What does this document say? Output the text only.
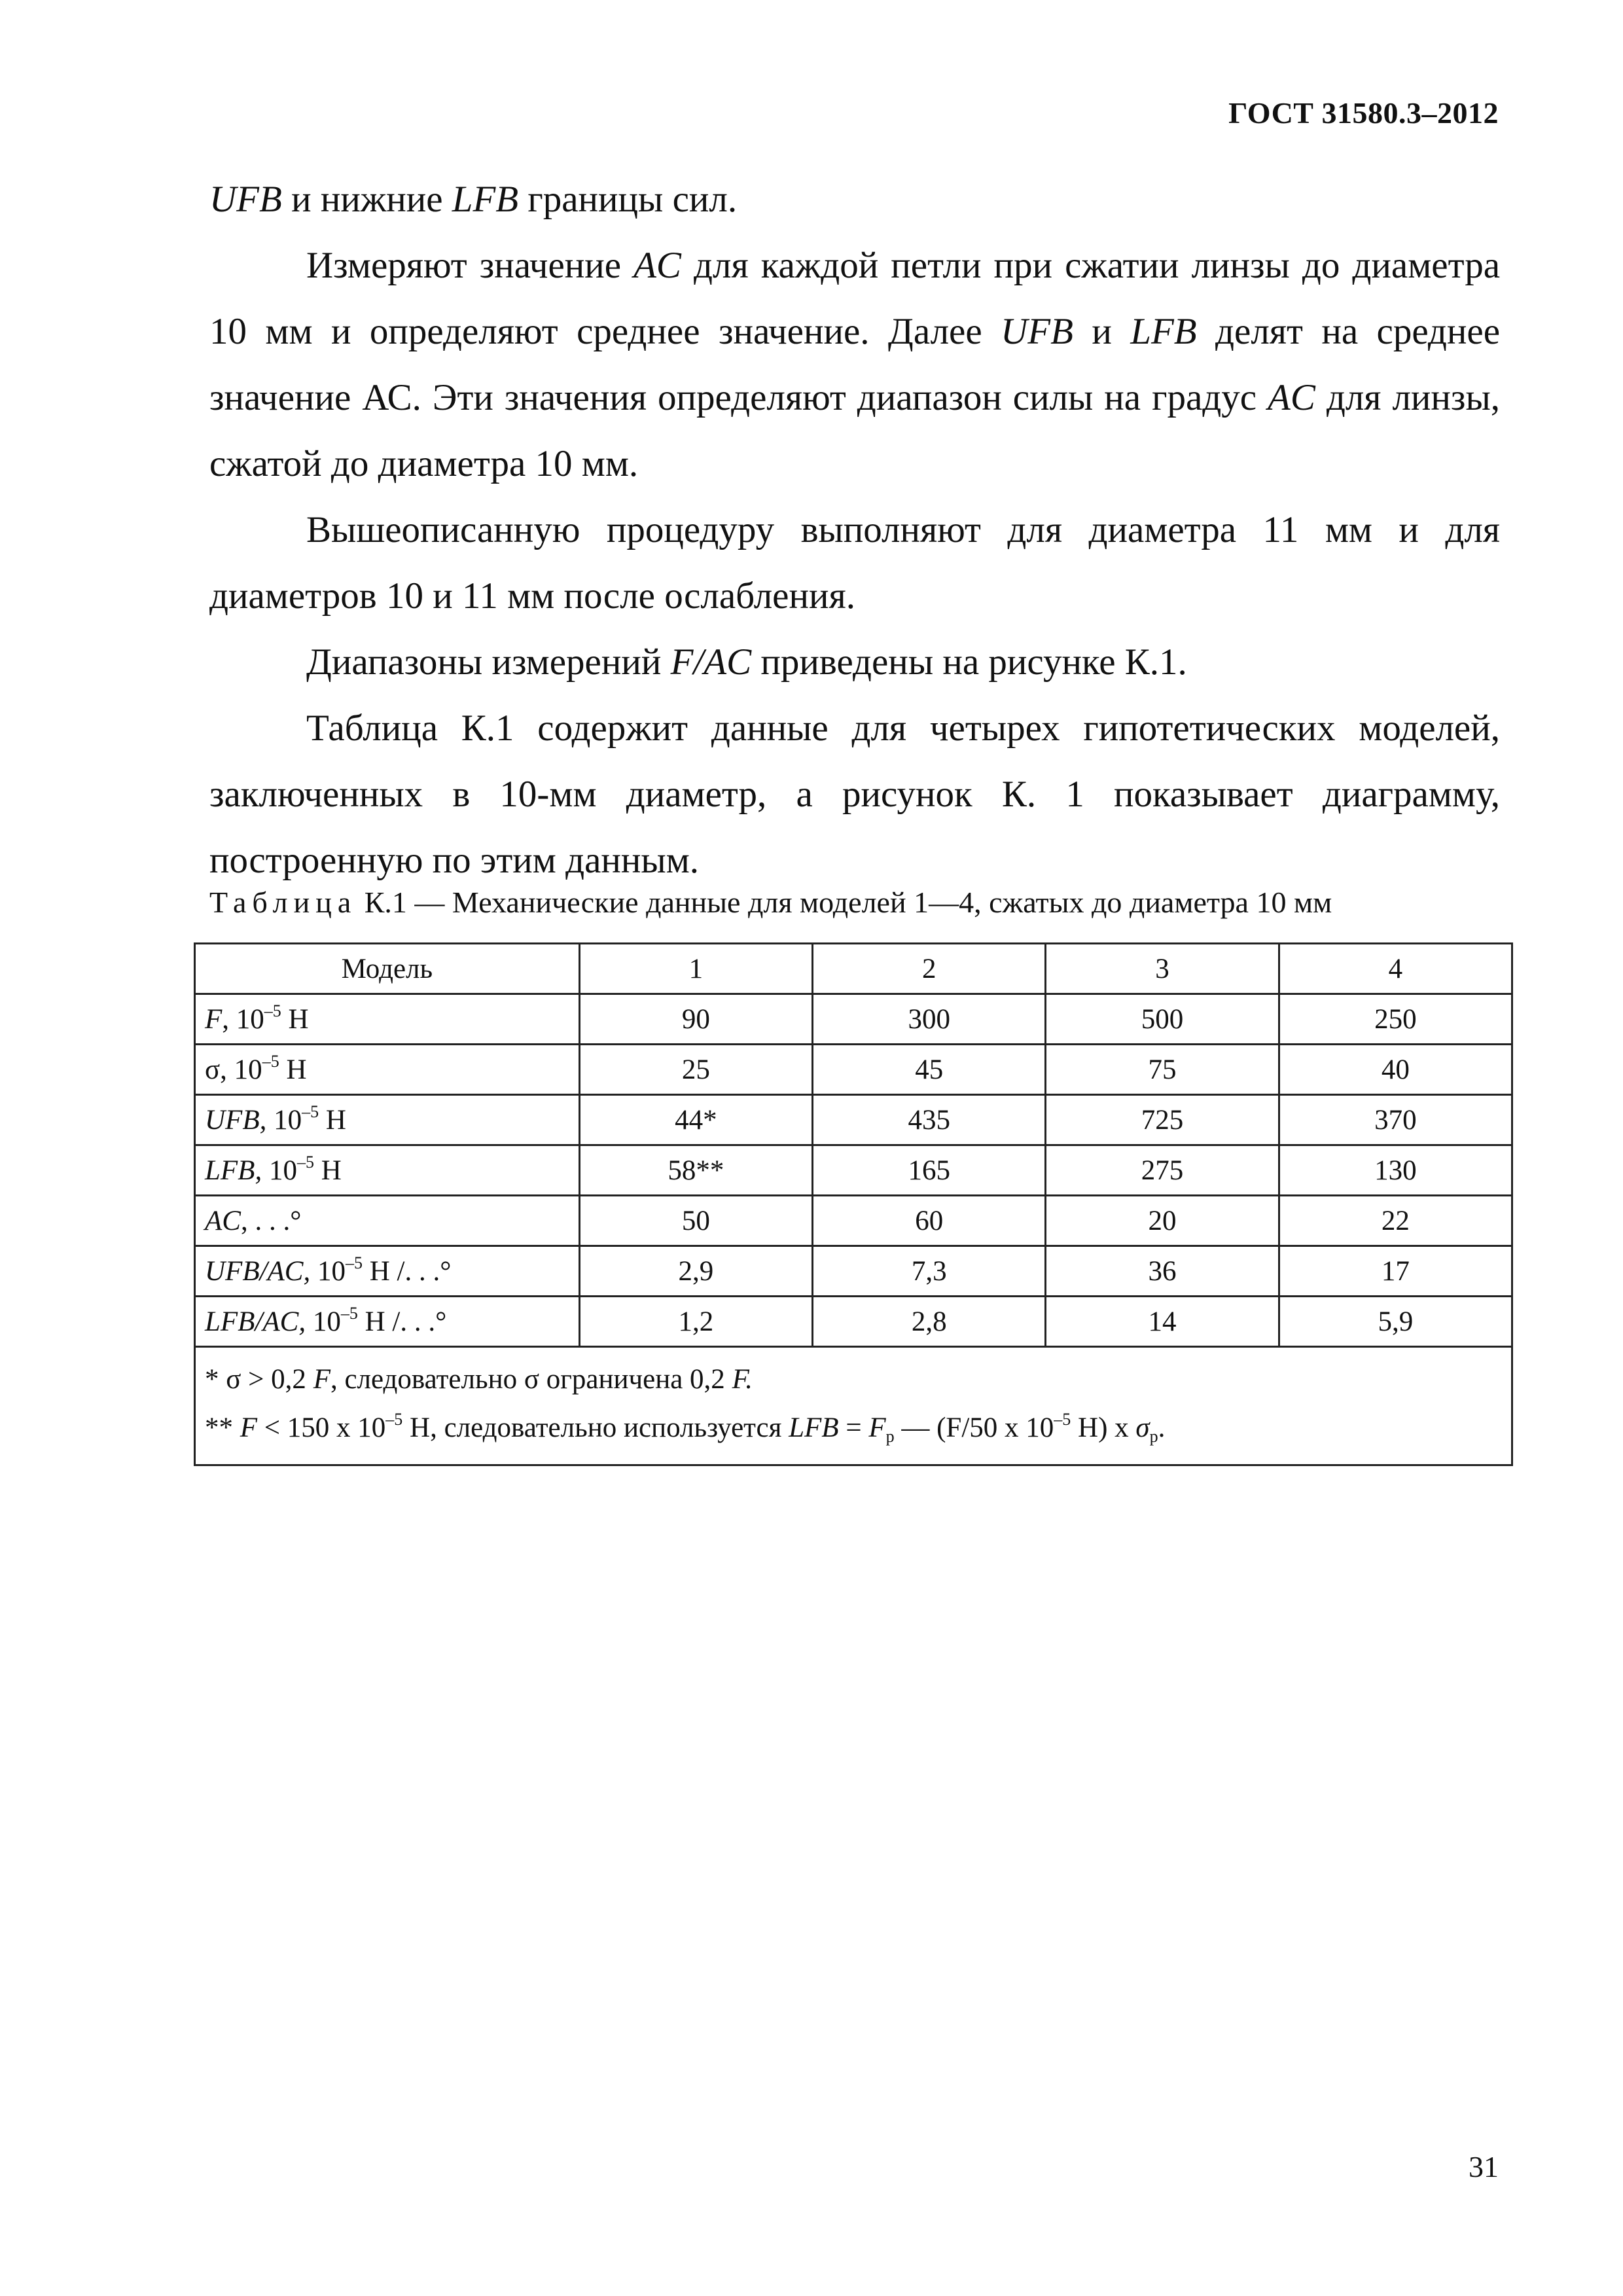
ГОСТ 31580.3–2012

UFB и нижние LFB границы сил.

Измеряют значение AC для каждой петли при сжатии линзы до диаметра 10 мм и определяют среднее значение. Далее UFB и LFB делят на среднее значение АС. Эти значения определяют диапазон силы на градус AC для линзы, сжатой до диаметра 10 мм.

Вышеописанную процедуру выполняют для диаметра 11 мм и для диаметров 10 и 11 мм после ослабления.

Диапазоны измерений F/AC приведены на рисунке К.1.

Таблица К.1 содержит данные для четырех гипотетических моделей, заключенных в 10-мм диаметр, а рисунок К. 1 показывает диаграмму, построенную по этим данным.

Таблица К.1 — Механические данные для моделей 1—4, сжатых до диаметра 10 мм
Модель	1	2	3	4
F, $10^{-5}$ Н	90	300	500	250
σ, $10^{-5}$ Н	25	45	75	40
UFB, $10^{-5}$ Н	44*	435	725	370
LFB, $10^{-5}$ Н	58**	165	275	130
AC, . . .°	50	60	20	22
UFB/AC, $10^{-5}$ Н /. . .°	2,9	7,3	36	17
LFB/AC, $10^{-5}$ Н /. . .°	1,2	2,8	14	5,9

* σ > 0,2 F, следовательно σ ограничена 0,2 F.
** F < 150 х $10^{-5}$ Н, следовательно используется LFB = $F_р$ — (F/50 х $10^{-5}$ Н) х $\sigma_р$.				
31
